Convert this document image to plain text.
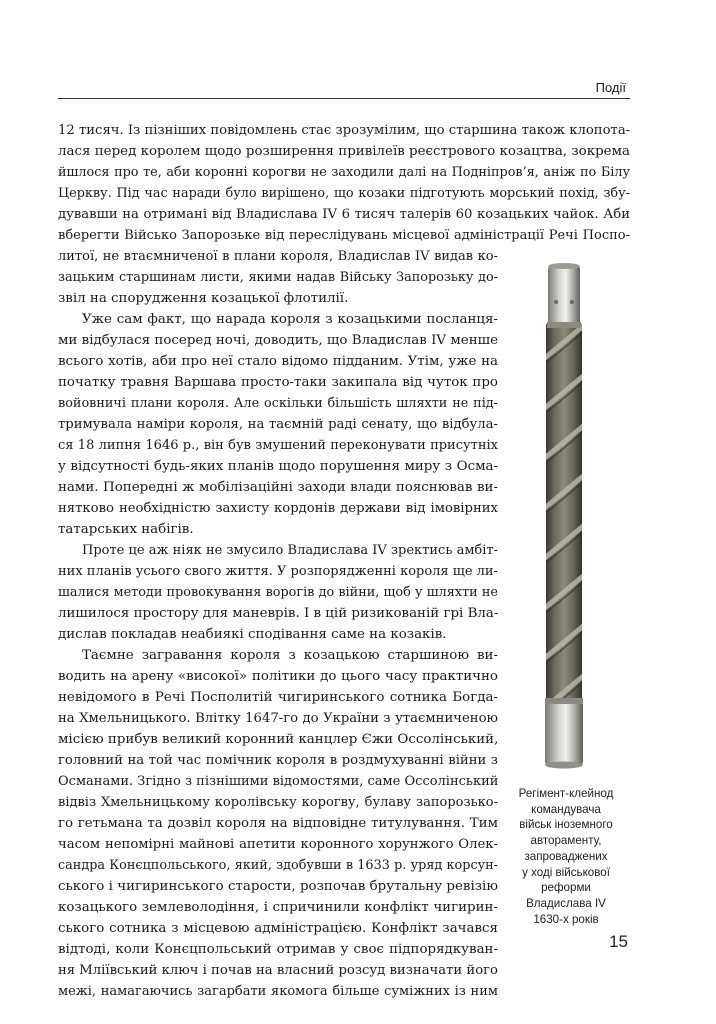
Події
12 тисяч. Із пізніших повідомлень стає зрозумілим, що старшина також клопота-
лася перед королем щодо розширення привілеїв реєстрового козацтва, зокрема
йшлося про те, аби коронні корогви не заходили далі на Подніпров’я, аніж по Білу
Церкву. Під час наради було вирішено, що козаки підготують морський похід, збу-
дувавши на отримані від Владислава IV 6 тисяч талерів 60 козацьких чайок. Аби
вберегти Військо Запорозьке від переслідувань місцевої адміністрації Речі Поспо-
литої, не втаємниченої в плани короля, Владислав IV видав ко-
зацьким старшинам листи, якими надав Війську Запорозьку до-
звіл на спорудження козацької флотилії.
Уже сам факт, що нарада короля з козацькими посланця-
ми відбулася посеред ночі, доводить, що Владислав IV менше
всього хотів, аби про неї стало відомо підданим. Утім, уже на
початку травня Варшава просто-таки закипала від чуток про
войовничі плани короля. Але оскільки більшість шляхти не під-
тримувала наміри короля, на таємній раді сенату, що відбула-
ся 18 липня 1646 р., він був змушений переконувати присутніх
у відсутності будь-яких планів щодо порушення миру з Осма-
нами. Попередні ж мобілізаційні заходи влади пояснював ви-
нятково необхідністю захисту кордонів держави від імовірних
татарських набігів.
Проте це аж ніяк не змусило Владислава IV зректись амбіт-
них планів усього свого життя. У розпорядженні короля ще ли-
шалися методи провокування ворогів до війни, щоб у шляхти не
лишилося простору для маневрів. І в цій ризикованій грі Вла-
дислав покладав неабиякі сподівання саме на козаків.
Таємне загравання короля з козацькою старшиною ви-
водить на арену «високої» політики до цього часу практично
невідомого в Речі Посполитій чигиринського сотника Богда-
на Хмельницького. Влітку 1647-го до України з утаємниченою
місією прибув великий коронний канцлер Єжи Оссолінський,
головний на той час помічник короля в роздмухуванні війни з
Османами. Згідно з пізнішими відомостями, саме Оссолінський
відвіз Хмельницькому королівську корогву, булаву запорозько-
го гетьмана та дозвіл короля на відповідне титулування. Тим
часом непомірні майнові апетити коронного хорунжого Олек-
сандра Конєцпольського, який, здобувши в 1633 р. уряд корсун-
ського і чигиринського старости, розпочав брутальну ревізію
козацького землеволодіння, і спричинили конфлікт чигирин-
ського сотника з місцевою адміністрацією. Конфлікт зачався
відтоді, коли Конєцпольський отримав у своє підпорядкуван-
ня Мліївський ключ і почав на власний розсуд визначати його
межі, намагаючись загарбати якомога більше суміжних із ним
Регімент-клейнод
командувача
військ іноземного
автораменту,
запроваджених
у ході військової
реформи
Владислава IV
1630-х років
15
